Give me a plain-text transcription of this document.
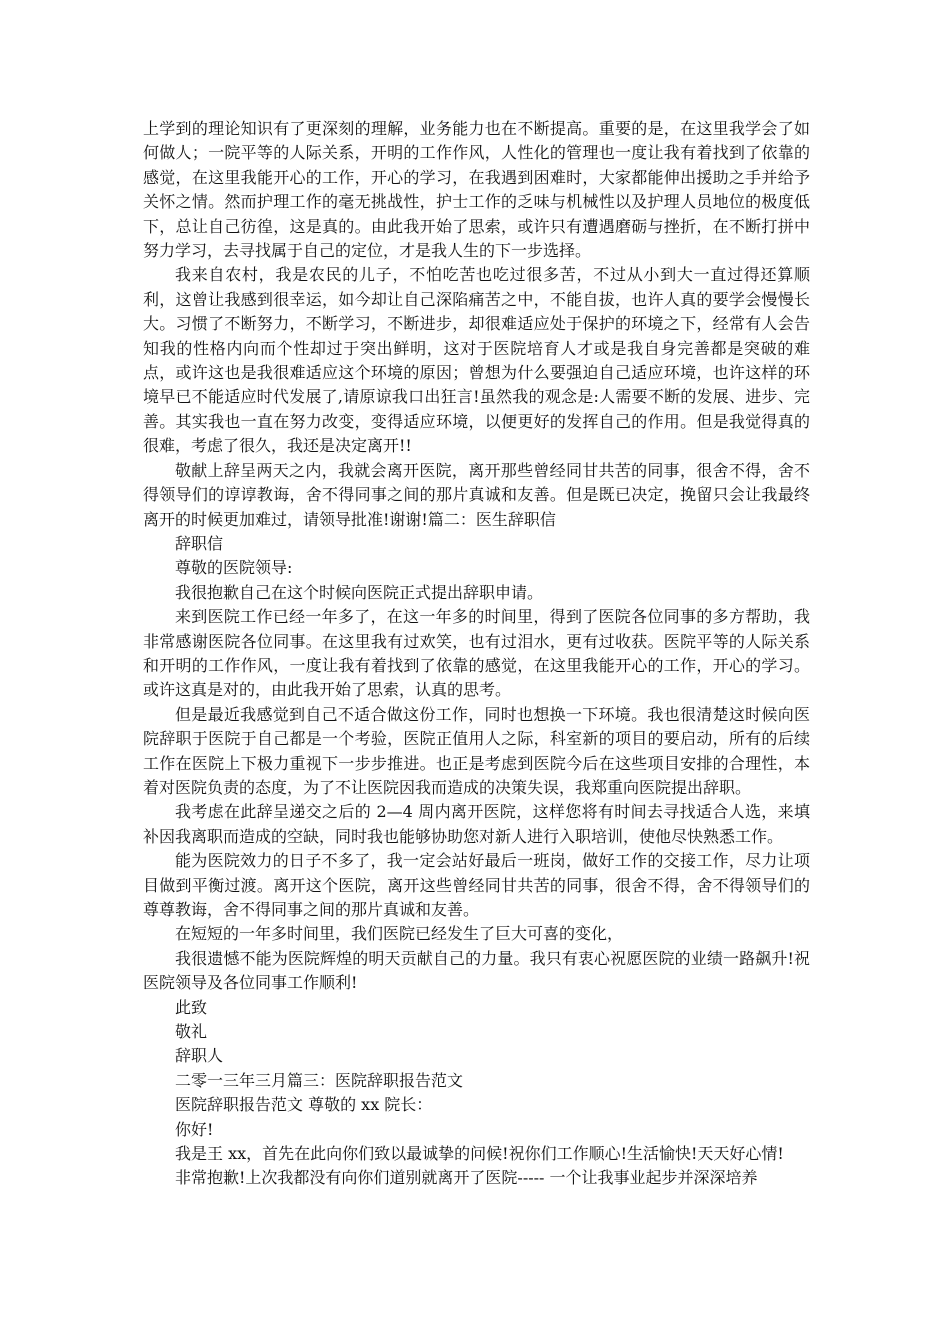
上学到的理论知识有了更深刻的理解，业务能力也在不断提高。重要的是，在这里我学会了如何做人；一院平等的人际关系，开明的工作作风，人性化的管理也一度让我有着找到了依靠的感觉，在这里我能开心的工作，开心的学习，在我遇到困难时，大家都能伸出援助之手并给予关怀之情。然而护理工作的毫无挑战性，护士工作的乏味与机械性以及护理人员地位的极度低下，总让自己彷徨，这是真的。由此我开始了思索，或许只有遭遇磨砺与挫折，在不断打拼中努力学习，去寻找属于自己的定位，才是我人生的下一步选择。

我来自农村，我是农民的儿子，不怕吃苦也吃过很多苦，不过从小到大一直过得还算顺利，这曾让我感到很幸运，如今却让自己深陷痛苦之中，不能自拔，也许人真的要学会慢慢长大。习惯了不断努力，不断学习，不断进步，却很难适应处于保护的环境之下，经常有人会告知我的性格内向而个性却过于突出鲜明，这对于医院培育人才或是我自身完善都是突破的难点，或许这也是我很难适应这个环境的原因；曾想为什么要强迫自己适应环境，也许这样的环境早已不能适应时代发展了,请原谅我口出狂言!虽然我的观念是:人需要不断的发展、进步、完善。其实我也一直在努力改变，变得适应环境，以便更好的发挥自己的作用。但是我觉得真的很难，考虑了很久，我还是决定离开!!

敬献上辞呈两天之内，我就会离开医院，离开那些曾经同甘共苦的同事，很舍不得，舍不得领导们的谆谆教诲，舍不得同事之间的那片真诚和友善。但是既已决定，挽留只会让我最终离开的时候更加难过，请领导批准!谢谢!篇二：医生辞职信

辞职信

尊敬的医院领导:

我很抱歉自己在这个时候向医院正式提出辞职申请。

来到医院工作已经一年多了，在这一年多的时间里，得到了医院各位同事的多方帮助，我非常感谢医院各位同事。在这里我有过欢笑，也有过泪水，更有过收获。医院平等的人际关系和开明的工作作风，一度让我有着找到了依靠的感觉，在这里我能开心的工作，开心的学习。或许这真是对的，由此我开始了思索，认真的思考。

但是最近我感觉到自己不适合做这份工作，同时也想换一下环境。我也很清楚这时候向医院辞职于医院于自己都是一个考验，医院正值用人之际，科室新的项目的要启动，所有的后续工作在医院上下极力重视下一步步推进。也正是考虑到医院今后在这些项目安排的合理性，本着对医院负责的态度，为了不让医院因我而造成的决策失误，我郑重向医院提出辞职。

我考虑在此辞呈递交之后的 2—4 周内离开医院，这样您将有时间去寻找适合人选，来填补因我离职而造成的空缺，同时我也能够协助您对新人进行入职培训，使他尽快熟悉工作。

能为医院效力的日子不多了，我一定会站好最后一班岗，做好工作的交接工作，尽力让项目做到平衡过渡。离开这个医院，离开这些曾经同甘共苦的同事，很舍不得，舍不得领导们的尊尊教诲，舍不得同事之间的那片真诚和友善。

在短短的一年多时间里，我们医院已经发生了巨大可喜的变化，

我很遗憾不能为医院辉煌的明天贡献自己的力量。我只有衷心祝愿医院的业绩一路飙升!祝医院领导及各位同事工作顺利!

此致

敬礼

辞职人

二零一三年三月篇三：医院辞职报告范文

医院辞职报告范文 尊敬的 xx 院长：

你好!

我是王 xx，首先在此向你们致以最诚挚的问候!祝你们工作顺心!生活愉快!天天好心情!

非常抱歉!上次我都没有向你们道别就离开了医院----- 一个让我事业起步并深深培养
